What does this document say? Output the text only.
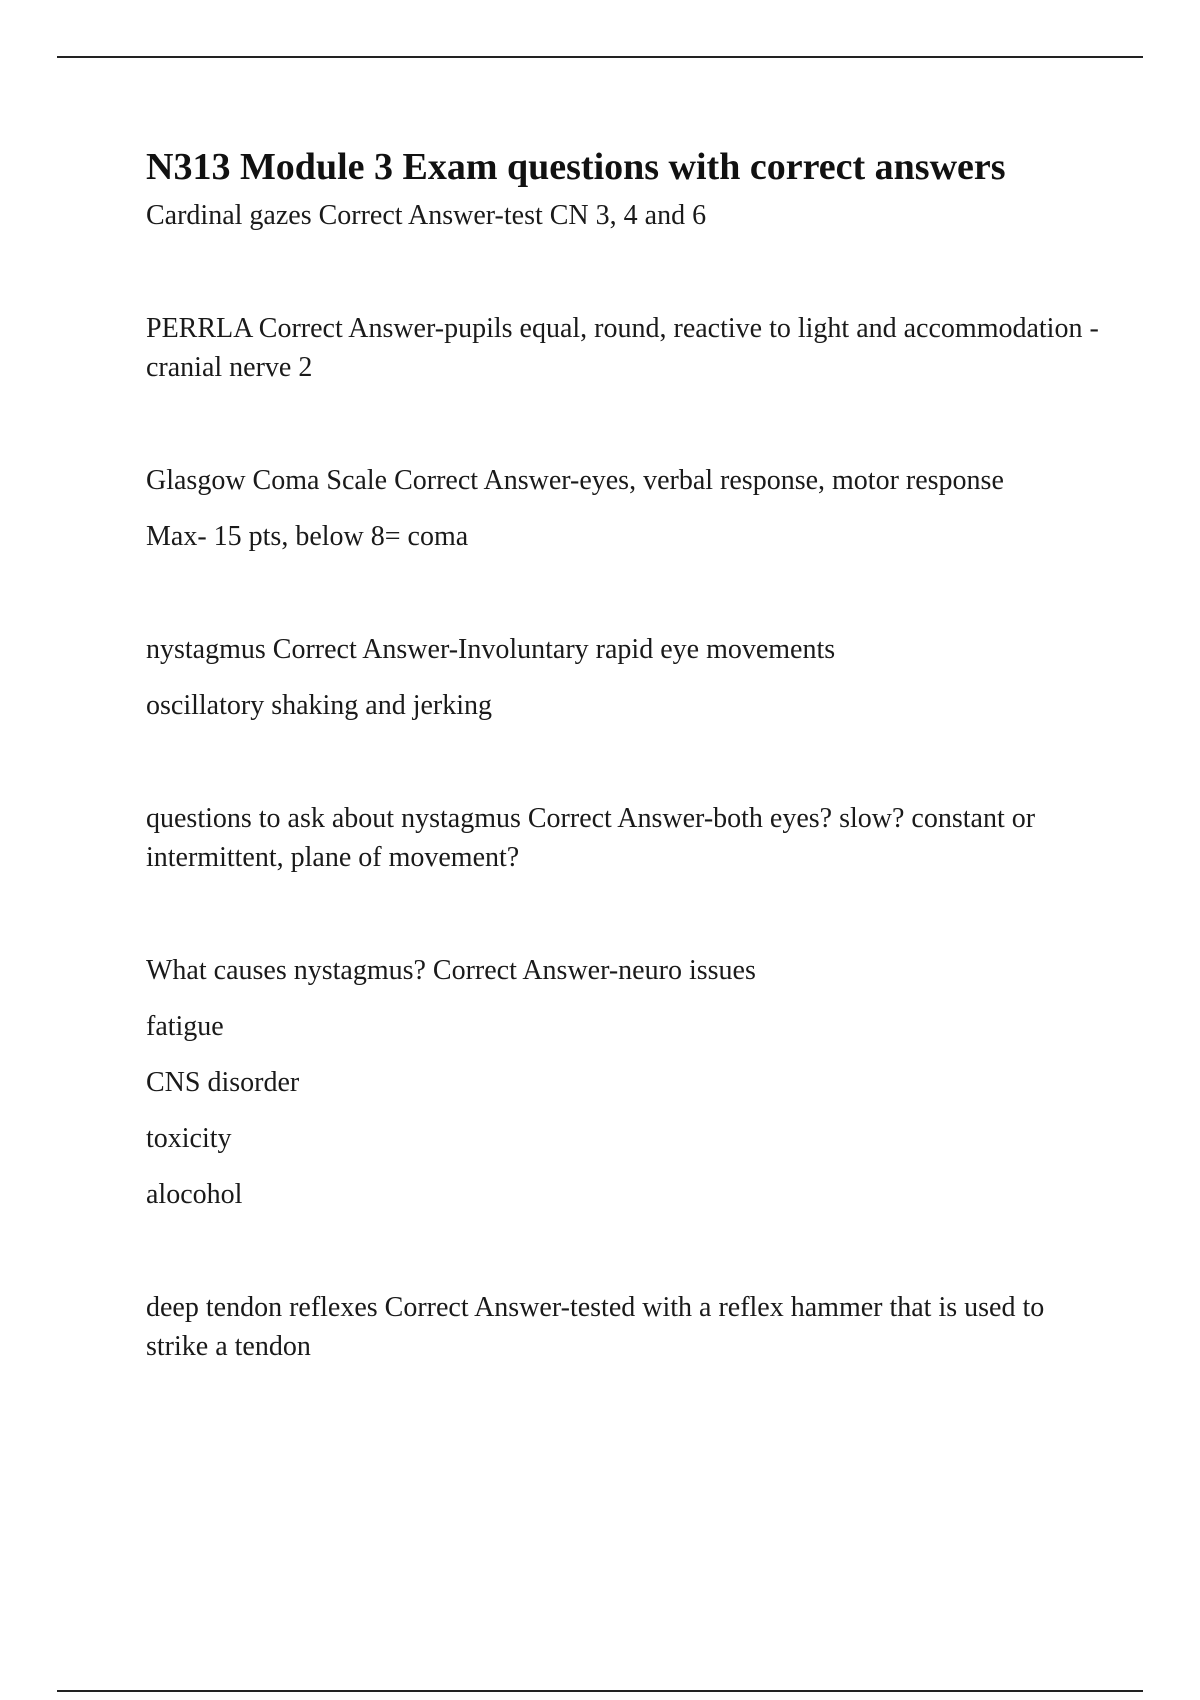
N313 Module 3 Exam questions with correct answers

Cardinal gazes Correct Answer-test CN 3, 4 and 6

PERRLA Correct Answer-pupils equal, round, reactive to light and accommodation - cranial nerve 2

Glasgow Coma Scale Correct Answer-eyes, verbal response, motor response

Max- 15 pts, below 8= coma

nystagmus Correct Answer-Involuntary rapid eye movements

oscillatory shaking and jerking

questions to ask about nystagmus Correct Answer-both eyes? slow? constant or intermittent, plane of movement?

What causes nystagmus? Correct Answer-neuro issues

fatigue

CNS disorder

toxicity

alocohol

deep tendon reflexes Correct Answer-tested with a reflex hammer that is used to strike a tendon
